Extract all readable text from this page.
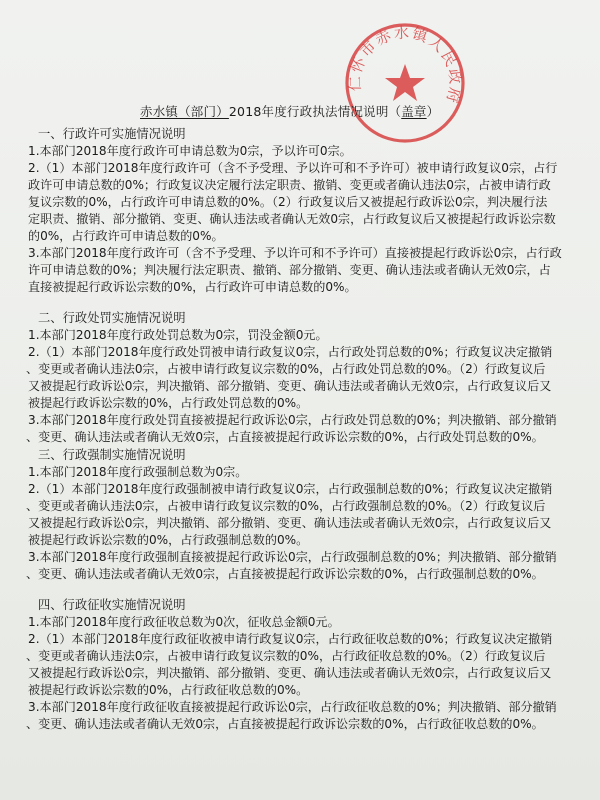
仁怀市赤水镇人民政府
赤水镇（部门）2018年度行政执法情况说明（盖章）
一、行政许可实施情况说明

1.本部门2018年度行政许可申请总数为0宗，予以许可0宗。

2.（1）本部门2018年度行政许可（含不予受理、予以许可和不予许可）被申请行政复议0宗，占行

政许可申请总数的0%；行政复议决定履行法定职责、撤销、变更或者确认违法0宗，占被申请行政

复议宗数的0%，占行政许可申请总数的0%。（2）行政复议后又被提起行政诉讼0宗，判决履行法

定职责、撤销、部分撤销、变更、确认违法或者确认无效0宗，占行政复议后又被提起行政诉讼宗数

的0%，占行政许可申请总数的0%。

3.本部门2018年度行政许可（含不予受理、予以许可和不予许可）直接被提起行政诉讼0宗，占行政

许可申请总数的0%；判决履行法定职责、撤销、部分撤销、变更、确认违法或者确认无效0宗，占

直接被提起行政诉讼宗数的0%，占行政许可申请总数的0%。

二、行政处罚实施情况说明

1.本部门2018年度行政处罚总数为0宗，罚没金额0元。

2.（1）本部门2018年度行政处罚被申请行政复议0宗，占行政处罚总数的0%；行政复议决定撤销

、变更或者确认违法0宗，占被申请行政复议宗数的0%，占行政处罚总数的0%。（2）行政复议后

又被提起行政诉讼0宗，判决撤销、部分撤销、变更、确认违法或者确认无效0宗，占行政复议后又

被提起行政诉讼宗数的0%，占行政处罚总数的0%。

3.本部门2018年度行政处罚直接被提起行政诉讼0宗，占行政处罚总数的0%；判决撤销、部分撤销

、变更、确认违法或者确认无效0宗，占直接被提起行政诉讼宗数的0%，占行政处罚总数的0%。

三、行政强制实施情况说明

1.本部门2018年度行政强制总数为0宗。

2.（1）本部门2018年度行政强制被申请行政复议0宗，占行政强制总数的0%；行政复议决定撤销

、变更或者确认违法0宗，占被申请行政复议宗数的0%，占行政强制总数的0%。（2）行政复议后

又被提起行政诉讼0宗，判决撤销、部分撤销、变更、确认违法或者确认无效0宗，占行政复议后又

被提起行政诉讼宗数的0%，占行政强制总数的0%。

3.本部门2018年度行政强制直接被提起行政诉讼0宗，占行政强制总数的0%；判决撤销、部分撤销

、变更、确认违法或者确认无效0宗，占直接被提起行政诉讼宗数的0%，占行政强制总数的0%。

四、行政征收实施情况说明

1.本部门2018年度行政征收总数为0次，征收总金额0元。

2.（1）本部门2018年度行政征收被申请行政复议0宗，占行政征收总数的0%；行政复议决定撤销

、变更或者确认违法0宗，占被申请行政复议宗数的0%，占行政征收总数的0%。（2）行政复议后

又被提起行政诉讼0宗，判决撤销、部分撤销、变更、确认违法或者确认无效0宗，占行政复议后又

被提起行政诉讼宗数的0%，占行政征收总数的0%。

3.本部门2018年度行政征收直接被提起行政诉讼0宗，占行政征收总数的0%；判决撤销、部分撤销

、变更、确认违法或者确认无效0宗，占直接被提起行政诉讼宗数的0%，占行政征收总数的0%。
